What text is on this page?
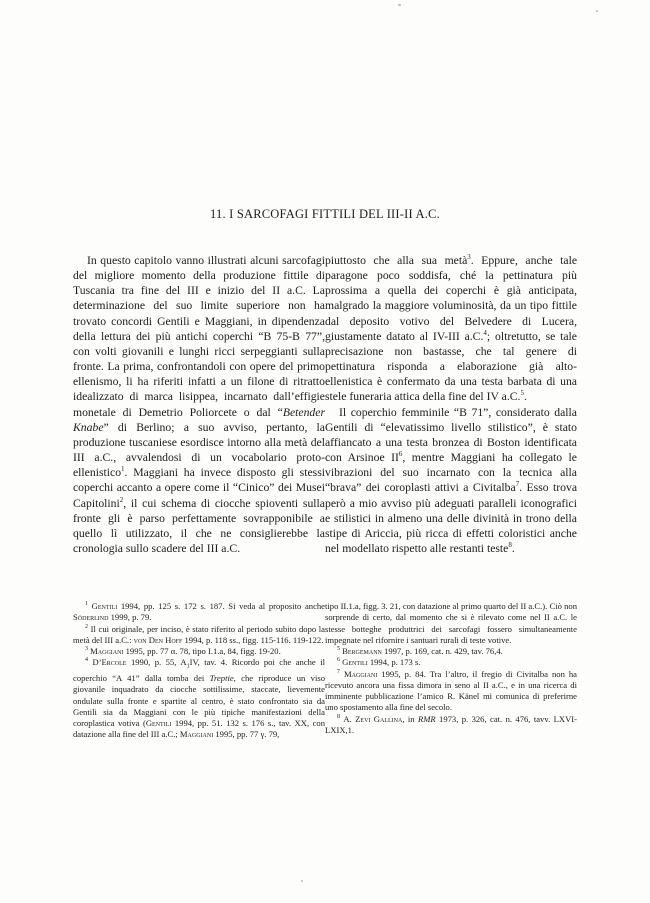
11. I SARCOFAGI FITTILI DEL III-II A.C.

In questo capitolo vanno illustrati alcuni sarcofagi del migliore momento della produzione fittile di Tuscania tra fine del III e inizio del II a.C. La determinazione del suo limite superiore non ha trovato concordi Gentili e Maggiani, in dipendenza della lettura dei più antichi coperchi “B 75-B 77”, con volti giovanili e lunghi ricci serpeggianti sulla fronte. La prima, confrontandoli con opere del primo ellenismo, li ha riferiti infatti a un filone di ritratto idealizzato di marca lisippea, incarnato dall’effigie monetale di Demetrio Poliorcete o dal “Betender Knabe” di Berlino; a suo avviso, pertanto, la produzione tuscaniese esordisce intorno alla metà del III a.C., avvalendosi di un vocabolario proto-ellenistico$^1$. Maggiani ha invece disposto gli stessi coperchi accanto a opere come il “Cinico” dei Musei Capitolini$^2$, il cui schema di ciocche spioventi sulla fronte gli è parso perfettamente sovrapponibile a quello lì utilizzato, il che ne consiglierebbe la cronologia sullo scadere del III a.C.

piuttosto che alla sua metà$^3$. Eppure, anche tale paragone poco soddisfa, ché la pettinatura più prossima a quella dei coperchi è già anticipata, malgrado la maggiore voluminosità, da un tipo fittile dal deposito votivo del Belvedere di Lucera, giustamente datato al IV-III a.C.$^4$; oltretutto, se tale precisazione non bastasse, che tal genere di pettinatura risponda a elaborazione già alto-ellenistica è confermato da una testa barbata di una stele funeraria attica della fine del IV a.C.$^5$.

Il coperchio femminile “B 71”, considerato dalla Gentili di “elevatissimo livello stilistico”, è stato affiancato a una testa bronzea di Boston identificata con Arsinoe $II^6$, mentre Maggiani ha collegato le vibrazioni del suo incarnato con la tecnica alla “brava” dei coroplasti attivi a Civitalba$^7$. Esso trova però a mio avviso più adeguati paralleli iconografici e stilistici in almeno una delle divinità in trono della stipe di Ariccia, più ricca di effetti coloristici anche nel modellato rispetto alle restanti teste$^8$.

$^1$ Gentili 1994, pp. 125 s. 172 s. 187. Si veda al proposito anche Söderlind 1999, p. 79.

$^2$ Il cui originale, per inciso, è stato riferito al periodo subito dopo la metà del III a.C.: von Den Hoff 1994, p. 118 ss., figg. 115-116. 119-122.

$^3$ Maggiani 1995, pp. 77 α. 78, tipo I.1.a, 84, figg. 19-20.

$^4$ D’Ercole 1990, p. 55, $A_1IV$, tav. 4. Ricordo poi che anche il coperchio “A 41” dalla tomba dei Treptie, che riproduce un viso giovanile inquadrato da ciocche sottilissime, staccate, lievemente ondulate sulla fronte e spartite al centro, è stato confrontato sia da Gentili sia da Maggiani con le più tipiche manifestazioni della coroplastica votiva (Gentili 1994, pp. 51. 132 s. 176 s., tav. XX, con datazione alla fine del III a.C.; Maggiani 1995, pp. 77 γ. 79,

tipo II.1.a, figg. 3. 21, con datazione al primo quarto del II a.C.). Ciò non sorprende di certo, dal momento che si è rilevato come nel II a.C. le stesse botteghe produttrici dei sarcofagi fossero simultaneamente impegnate nel rifornire i santuari rurali di teste votive.

$^5$ Bergemann 1997, p. 169, cat. n. 429, tav. 76,4.

$^6$ Gentili 1994, p. 173 s.

$^7$ Maggiani 1995, p. 84. Tra l’altro, il fregio di Civitalba non ha ricevuto ancora una fissa dimora in seno al II a.C., e in una ricerca di imminente pubblicazione l’amico R. Känel mi comunica di preferirne uno spostamento alla fine del secolo.

$^8$ A. Zevi Gallina, in RMR 1973, p. 326, cat. n. 476, tavv. LXVI-LXIX,1.
